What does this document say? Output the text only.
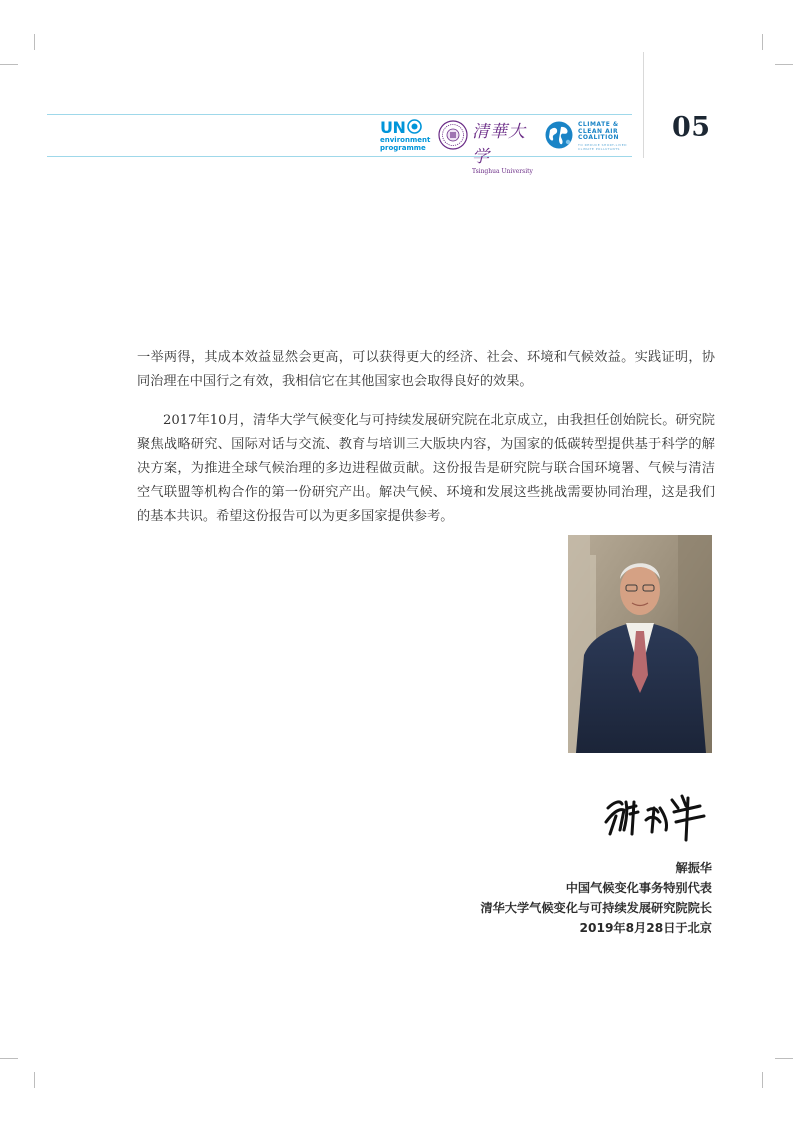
05
UN
environment
programme
清華大学
Tsinghua University
CLIMATE &
CLEAN AIR
COALITION
TO REDUCE SHORT-LIVED CLIMATE POLLUTANTS

一举两得，其成本效益显然会更高，可以获得更大的经济、社会、环境和气候效益。实践证明，协同治理在中国行之有效，我相信它在其他国家也会取得良好的效果。

2017年10月，清华大学气候变化与可持续发展研究院在北京成立，由我担任创始院长。研究院聚焦战略研究、国际对话与交流、教育与培训三大版块内容，为国家的低碳转型提供基于科学的解决方案，为推进全球气候治理的多边进程做贡献。这份报告是研究院与联合国环境署、气候与清洁空气联盟等机构合作的第一份研究产出。解决气候、环境和发展这些挑战需要协同治理，这是我们的基本共识。希望这份报告可以为更多国家提供参考。

解振华
中国气候变化事务特别代表
清华大学气候变化与可持续发展研究院院长
2019年8月28日于北京
